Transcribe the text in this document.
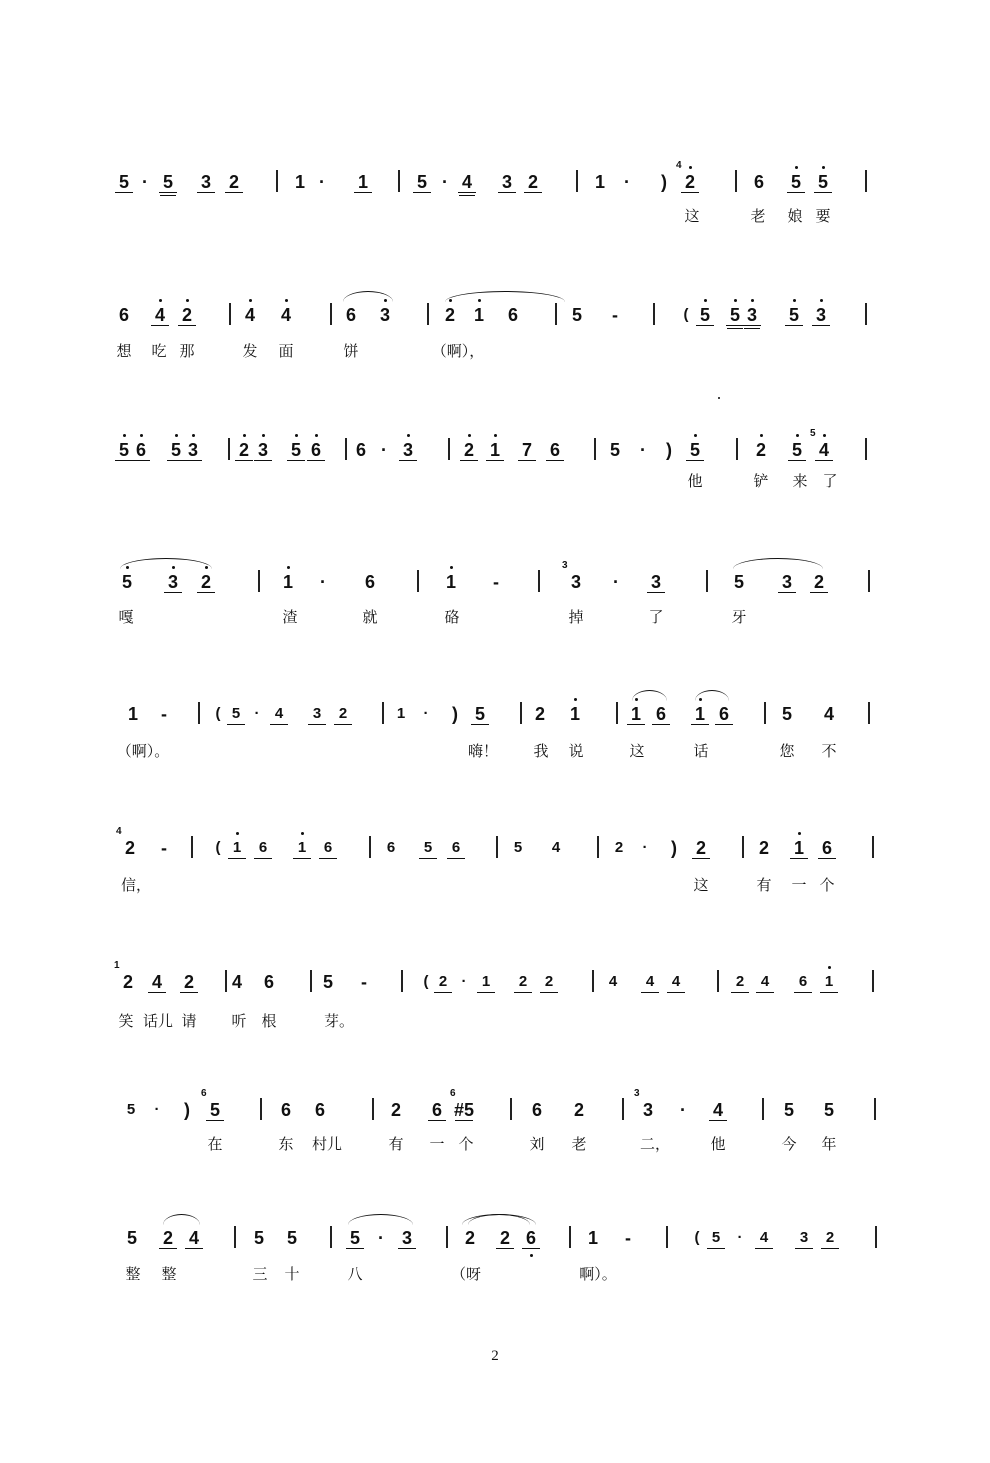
5 · 5 3 2	1 · 1	5 · 4 3 2	1 · ) 2
4
6 5 5
这	老 娘 要
6 4 2	4 4	6 3	2 1 6	5 -	( 5 5 3 5 3
想 吃 那	发 面	饼	（啊），
5 6 5 3 2 3 5 6 6 · 3	2 1 7 6	5 · ) 5	2 5 4
5
他	铲 来 了
5 3 2	1 · 6	1 -	3
3
· 3	5 3 2
嘎	渣	就	硌	掉	了	牙
1 -	( 5 · 4 3 2	1 · ) 5	2 1	1 6 1 6	5 4
（啊）。	嗨！ 我 说	这	话	您 不
2
4
-	( 1 6 1 6	6 5 6	5 4	2 · ) 2	2 1 6
信，	这	有 一 个
2
1
4 2 4 6	5 -	( 2 · 1 2 2	4 4 4	2 4 6 1
笑 话儿 请 听 根	芽。
5 · ) 5
6
6 6	2 6 #5
6
6 2	3
3
· 4	5 5
在	东 村儿	有 一 个	刘 老	二，	他	今 年
5 2 4	5 5	5 · 3	2 2 6	1 -	( 5 · 4 3 2
整 整	三 十	八	（呀	啊）。
2
